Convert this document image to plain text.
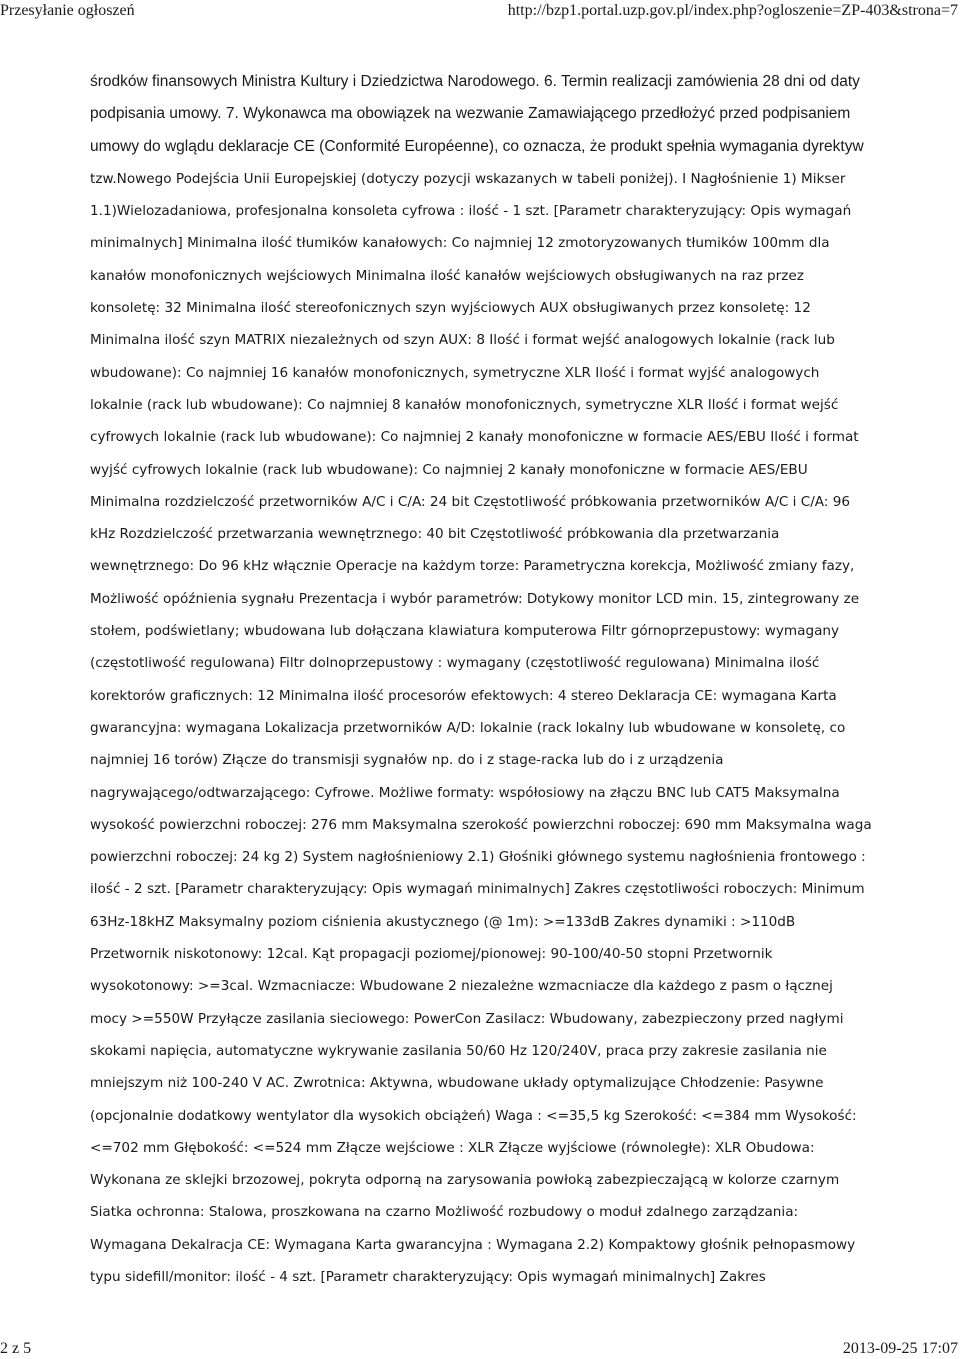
Przesyłanie ogłoszeń	http://bzp1.portal.uzp.gov.pl/index.php?ogloszenie=ZP-403&strona=7
środków finansowych Ministra Kultury i Dziedzictwa Narodowego. 6. Termin realizacji zamówienia 28 dni od daty
podpisania umowy. 7. Wykonawca ma obowiązek na wezwanie Zamawiającego przedłożyć przed podpisaniem
umowy do wglądu deklaracje CE (Conformité Européenne), co oznacza, że produkt spełnia wymagania dyrektyw
tzw.Nowego Podejścia Unii Europejskiej (dotyczy pozycji wskazanych w tabeli poniżej). I Nagłośnienie 1) Mikser
1.1)Wielozadaniowa, profesjonalna konsoleta cyfrowa : ilość - 1 szt. [Parametr charakteryzujący: Opis wymagań
minimalnych] Minimalna ilość tłumików kanałowych: Co najmniej 12 zmotoryzowanych tłumików 100mm dla
kanałów monofonicznych wejściowych Minimalna ilość kanałów wejściowych obsługiwanych na raz przez
konsoletę: 32 Minimalna ilość stereofonicznych szyn wyjściowych AUX obsługiwanych przez konsoletę: 12
Minimalna ilość szyn MATRIX niezależnych od szyn AUX: 8 Ilość i format wejść analogowych lokalnie (rack lub
wbudowane): Co najmniej 16 kanałów monofonicznych, symetryczne XLR Ilość i format wyjść analogowych
lokalnie (rack lub wbudowane): Co najmniej 8 kanałów monofonicznych, symetryczne XLR Ilość i format wejść
cyfrowych lokalnie (rack lub wbudowane): Co najmniej 2 kanały monofoniczne w formacie AES/EBU Ilość i format
wyjść cyfrowych lokalnie (rack lub wbudowane): Co najmniej 2 kanały monofoniczne w formacie AES/EBU
Minimalna rozdzielczość przetworników A/C i C/A: 24 bit Częstotliwość próbkowania przetworników A/C i C/A: 96
kHz Rozdzielczość przetwarzania wewnętrznego: 40 bit Częstotliwość próbkowania dla przetwarzania
wewnętrznego: Do 96 kHz włącznie Operacje na każdym torze: Parametryczna korekcja, Możliwość zmiany fazy,
Możliwość opóźnienia sygnału Prezentacja i wybór parametrów: Dotykowy monitor LCD min. 15, zintegrowany ze
stołem, podświetlany; wbudowana lub dołączana klawiatura komputerowa Filtr górnoprzepustowy: wymagany
(częstotliwość regulowana) Filtr dolnoprzepustowy : wymagany (częstotliwość regulowana) Minimalna ilość
korektorów graficznych: 12 Minimalna ilość procesorów efektowych: 4 stereo Deklaracja CE: wymagana Karta
gwarancyjna: wymagana Lokalizacja przetworników A/D: lokalnie (rack lokalny lub wbudowane w konsoletę, co
najmniej 16 torów) Złącze do transmisji sygnałów np. do i z stage-racka lub do i z urządzenia
nagrywającego/odtwarzającego: Cyfrowe. Możliwe formaty: współosiowy na złączu BNC lub CAT5 Maksymalna
wysokość powierzchni roboczej: 276 mm Maksymalna szerokość powierzchni roboczej: 690 mm Maksymalna waga
powierzchni roboczej: 24 kg 2) System nagłośnieniowy 2.1) Głośniki głównego systemu nagłośnienia frontowego :
ilość - 2 szt. [Parametr charakteryzujący: Opis wymagań minimalnych] Zakres częstotliwości roboczych: Minimum
63Hz-18kHZ Maksymalny poziom ciśnienia akustycznego (@ 1m): >=133dB Zakres dynamiki : >110dB
Przetwornik niskotonowy: 12cal. Kąt propagacji poziomej/pionowej: 90-100/40-50 stopni Przetwornik
wysokotonowy: >=3cal. Wzmacniacze: Wbudowane 2 niezależne wzmacniacze dla każdego z pasm o łącznej
mocy >=550W Przyłącze zasilania sieciowego: PowerCon Zasilacz: Wbudowany, zabezpieczony przed nagłymi
skokami napięcia, automatyczne wykrywanie zasilania 50/60 Hz 120/240V, praca przy zakresie zasilania nie
mniejszym niż 100-240 V AC. Zwrotnica: Aktywna, wbudowane układy optymalizujące Chłodzenie: Pasywne
(opcjonalnie dodatkowy wentylator dla wysokich obciążeń) Waga : <=35,5 kg Szerokość: <=384 mm Wysokość:
<=702 mm Głębokość: <=524 mm Złącze wejściowe : XLR Złącze wyjściowe (równoległe): XLR Obudowa:
Wykonana ze sklejki brzozowej, pokryta odporną na zarysowania powłoką zabezpieczającą w kolorze czarnym
Siatka ochronna: Stalowa, proszkowana na czarno Możliwość rozbudowy o moduł zdalnego zarządzania:
Wymagana Dekalracja CE: Wymagana Karta gwarancyjna : Wymagana 2.2) Kompaktowy głośnik pełnopasmowy
typu sidefill/monitor: ilość - 4 szt. [Parametr charakteryzujący: Opis wymagań minimalnych] Zakres
2 z 5	2013-09-25 17:07
